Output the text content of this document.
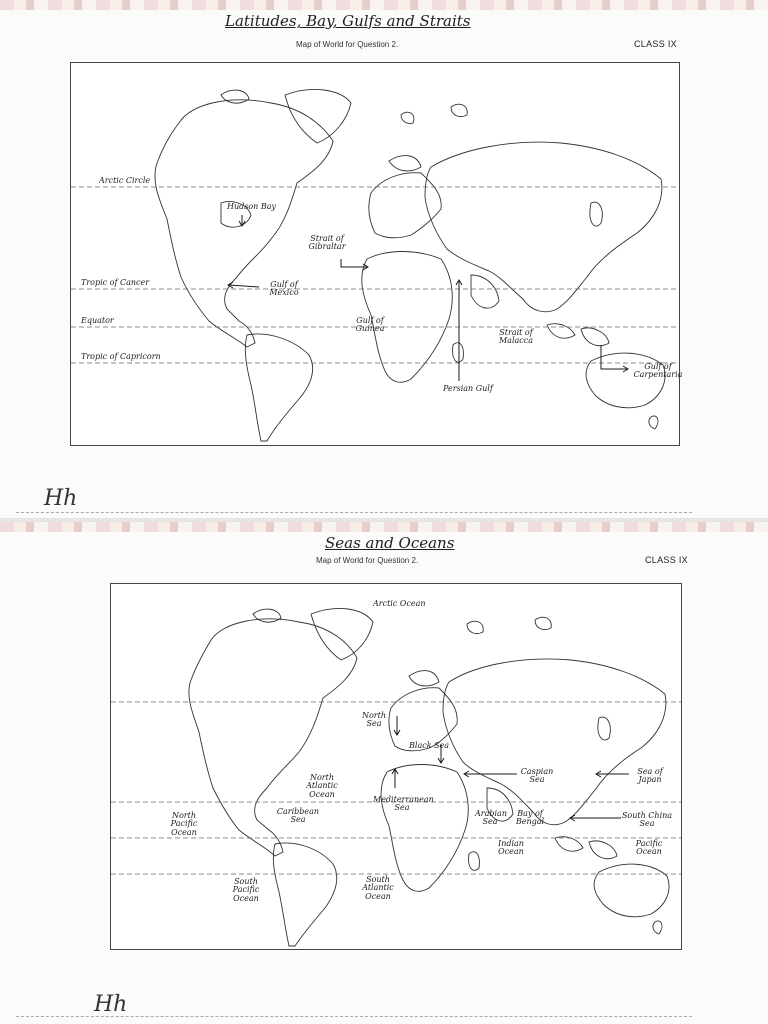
Latitudes, Bay, Gulfs and Straits
Map of World for Question 2.	CLASS IX
Arctic Circle
Tropic of Cancer
Equator
Tropic of Capricorn
Hudson Bay
Strait of Gibraltar
Gulf of Mexico
Gulf of Guinea	Strait of Malacca
Persian Gulf
Gulf of Carpentaria
Hh
Seas and Oceans
Map of World for Question 2.	CLASS IX
Arctic Ocean
North Sea
Black Sea
Caspian Sea
Sea of Japan
North Atlantic Ocean
Mediterranean Sea
Caribbean Sea
North Pacific Ocean
Arabian Sea
Bay of Bengal
South China Sea
Indian Ocean
Pacific Ocean
South Pacific Ocean
South Atlantic Ocean
Hh
